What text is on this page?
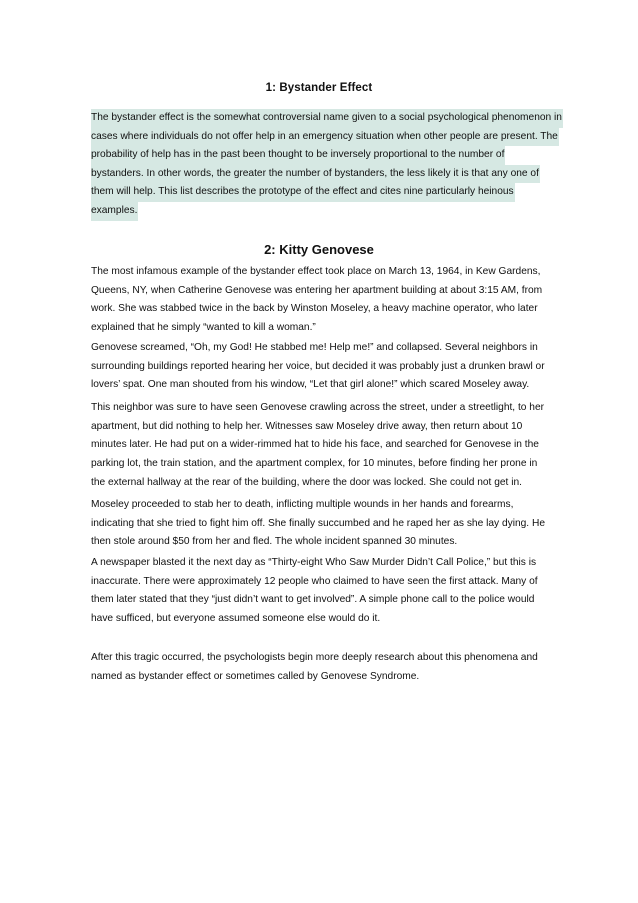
1: Bystander Effect
The bystander effect is the somewhat controversial name given to a social psychological phenomenon in
cases where individuals do not offer help in an emergency situation when other people are present. The
probability of help has in the past been thought to be inversely proportional to the number of
bystanders. In other words, the greater the number of bystanders, the less likely it is that any one of
them will help. This list describes the prototype of the effect and cites nine particularly heinous
examples.
2: Kitty Genovese
The most infamous example of the bystander effect took place on March 13, 1964, in Kew Gardens,
Queens, NY, when Catherine Genovese was entering her apartment building at about 3:15 AM, from
work. She was stabbed twice in the back by Winston Moseley, a heavy machine operator, who later
explained that he simply “wanted to kill a woman.”
Genovese screamed, “Oh, my God! He stabbed me! Help me!” and collapsed. Several neighbors in
surrounding buildings reported hearing her voice, but decided it was probably just a drunken brawl or
lovers’ spat. One man shouted from his window, “Let that girl alone!” which scared Moseley away.
This neighbor was sure to have seen Genovese crawling across the street, under a streetlight, to her
apartment, but did nothing to help her. Witnesses saw Moseley drive away, then return about 10
minutes later. He had put on a wider-rimmed hat to hide his face, and searched for Genovese in the
parking lot, the train station, and the apartment complex, for 10 minutes, before finding her prone in
the external hallway at the rear of the building, where the door was locked. She could not get in.
Moseley proceeded to stab her to death, inflicting multiple wounds in her hands and forearms,
indicating that she tried to fight him off. She finally succumbed and he raped her as she lay dying. He
then stole around $50 from her and fled. The whole incident spanned 30 minutes.
A newspaper blasted it the next day as “Thirty-eight Who Saw Murder Didn’t Call Police,” but this is
inaccurate. There were approximately 12 people who claimed to have seen the first attack. Many of
them later stated that they “just didn’t want to get involved”. A simple phone call to the police would
have sufficed, but everyone assumed someone else would do it.
After this tragic occurred, the psychologists begin more deeply research about this phenomena and
named as bystander effect or sometimes called by Genovese Syndrome.
